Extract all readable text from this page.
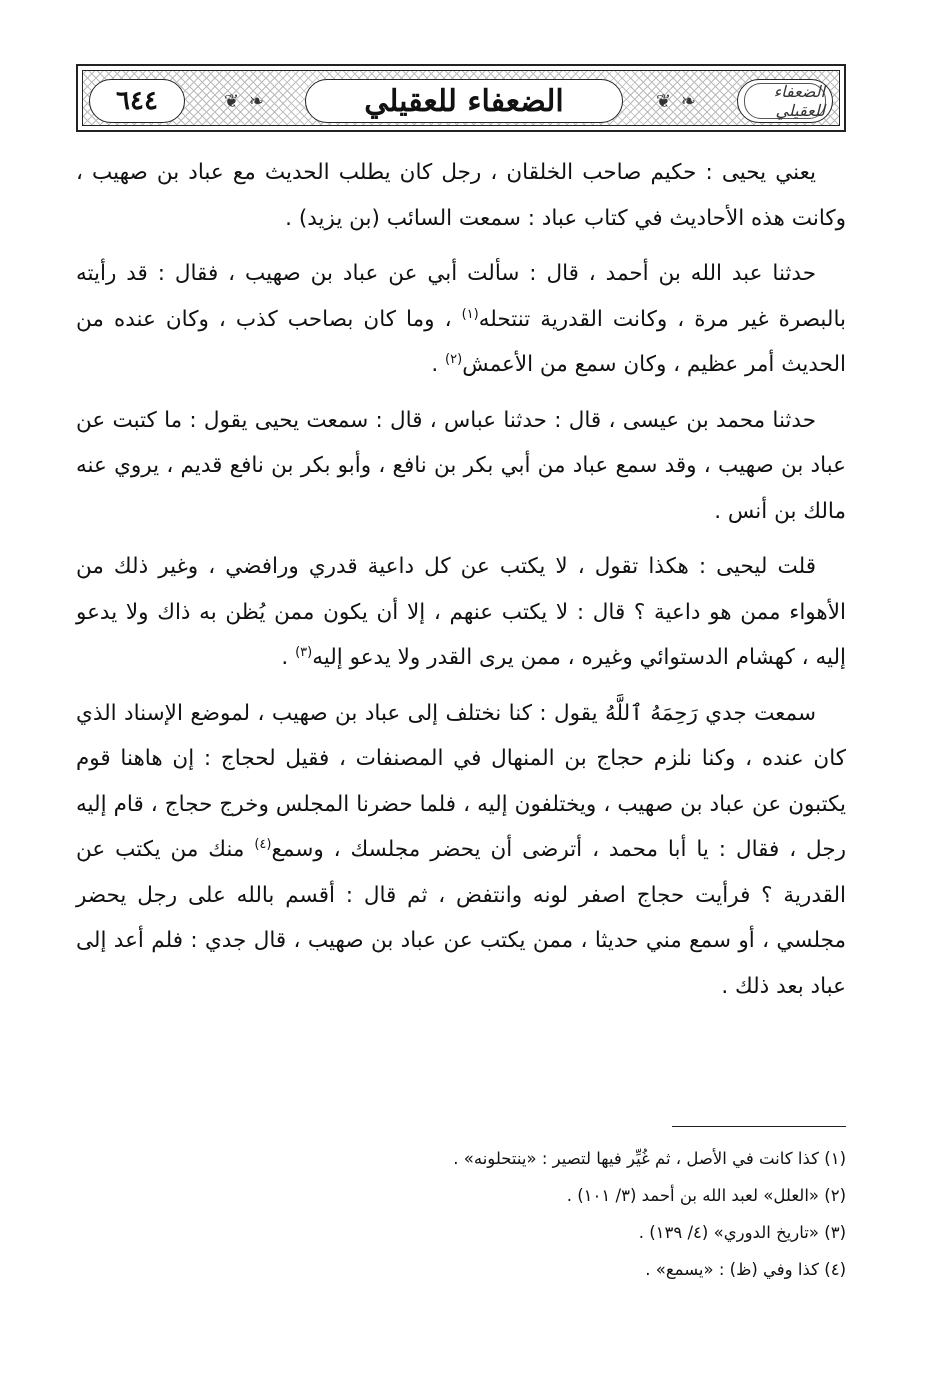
٦٤٤	❦ ❧	الضعفاء للعقيلي	❦ ❧	الضعفاء للعقيلي

يعني يحيى : حكيم صاحب الخلقان ، رجل كان يطلب الحديث مع عباد بن صهيب ، وكانت هذه الأحاديث في كتاب عباد : سمعت السائب (بن يزيد) .

حدثنا عبد الله بن أحمد ، قال : سألت أبي عن عباد بن صهيب ، فقال : قد رأيته بالبصرة غير مرة ، وكانت القدرية تنتحله$^{(١)}$ ، وما كان بصاحب كذب ، وكان عنده من الحديث أمر عظيم ، وكان سمع من الأعمش$^{(٢)}$ .

حدثنا محمد بن عيسى ، قال : حدثنا عباس ، قال : سمعت يحيى يقول : ما كتبت عن عباد بن صهيب ، وقد سمع عباد من أبي بكر بن نافع ، وأبو بكر بن نافع قديم ، يروي عنه مالك بن أنس .

قلت ليحيى : هكذا تقول ، لا يكتب عن كل داعية قدري ورافضي ، وغير ذلك من الأهواء ممن هو داعية ؟ قال : لا يكتب عنهم ، إلا أن يكون ممن يُظن به ذاك ولا يدعو إليه ، كهشام الدستوائي وغيره ، ممن يرى القدر ولا يدعو إليه$^{(٣)}$ .

سمعت جدي رَحِمَهُ ٱللَّهُ يقول : كنا نختلف إلى عباد بن صهيب ، لموضع الإسناد الذي كان عنده ، وكنا نلزم حجاج بن المنهال في المصنفات ، فقيل لحجاج : إن هاهنا قوم يكتبون عن عباد بن صهيب ، ويختلفون إليه ، فلما حضرنا المجلس وخرج حجاج ، قام إليه رجل ، فقال : يا أبا محمد ، أترضى أن يحضر مجلسك ، وسمع$^{(٤)}$ منك من يكتب عن القدرية ؟ فرأيت حجاج اصفر لونه وانتفض ، ثم قال : أقسم بالله على رجل يحضر مجلسي ، أو سمع مني حديثا ، ممن يكتب عن عباد بن صهيب ، قال جدي : فلم أعد إلى عباد بعد ذلك .

(١) كذا كانت في الأصل ، ثم غُيِّر فيها لتصير : «ينتحلونه» .

(٢) «العلل» لعبد الله بن أحمد (٣/ ١٠١) .

(٣) «تاريخ الدوري» (٤/ ١٣٩) .

(٤) كذا وفي (ظ) : «يسمع» .
